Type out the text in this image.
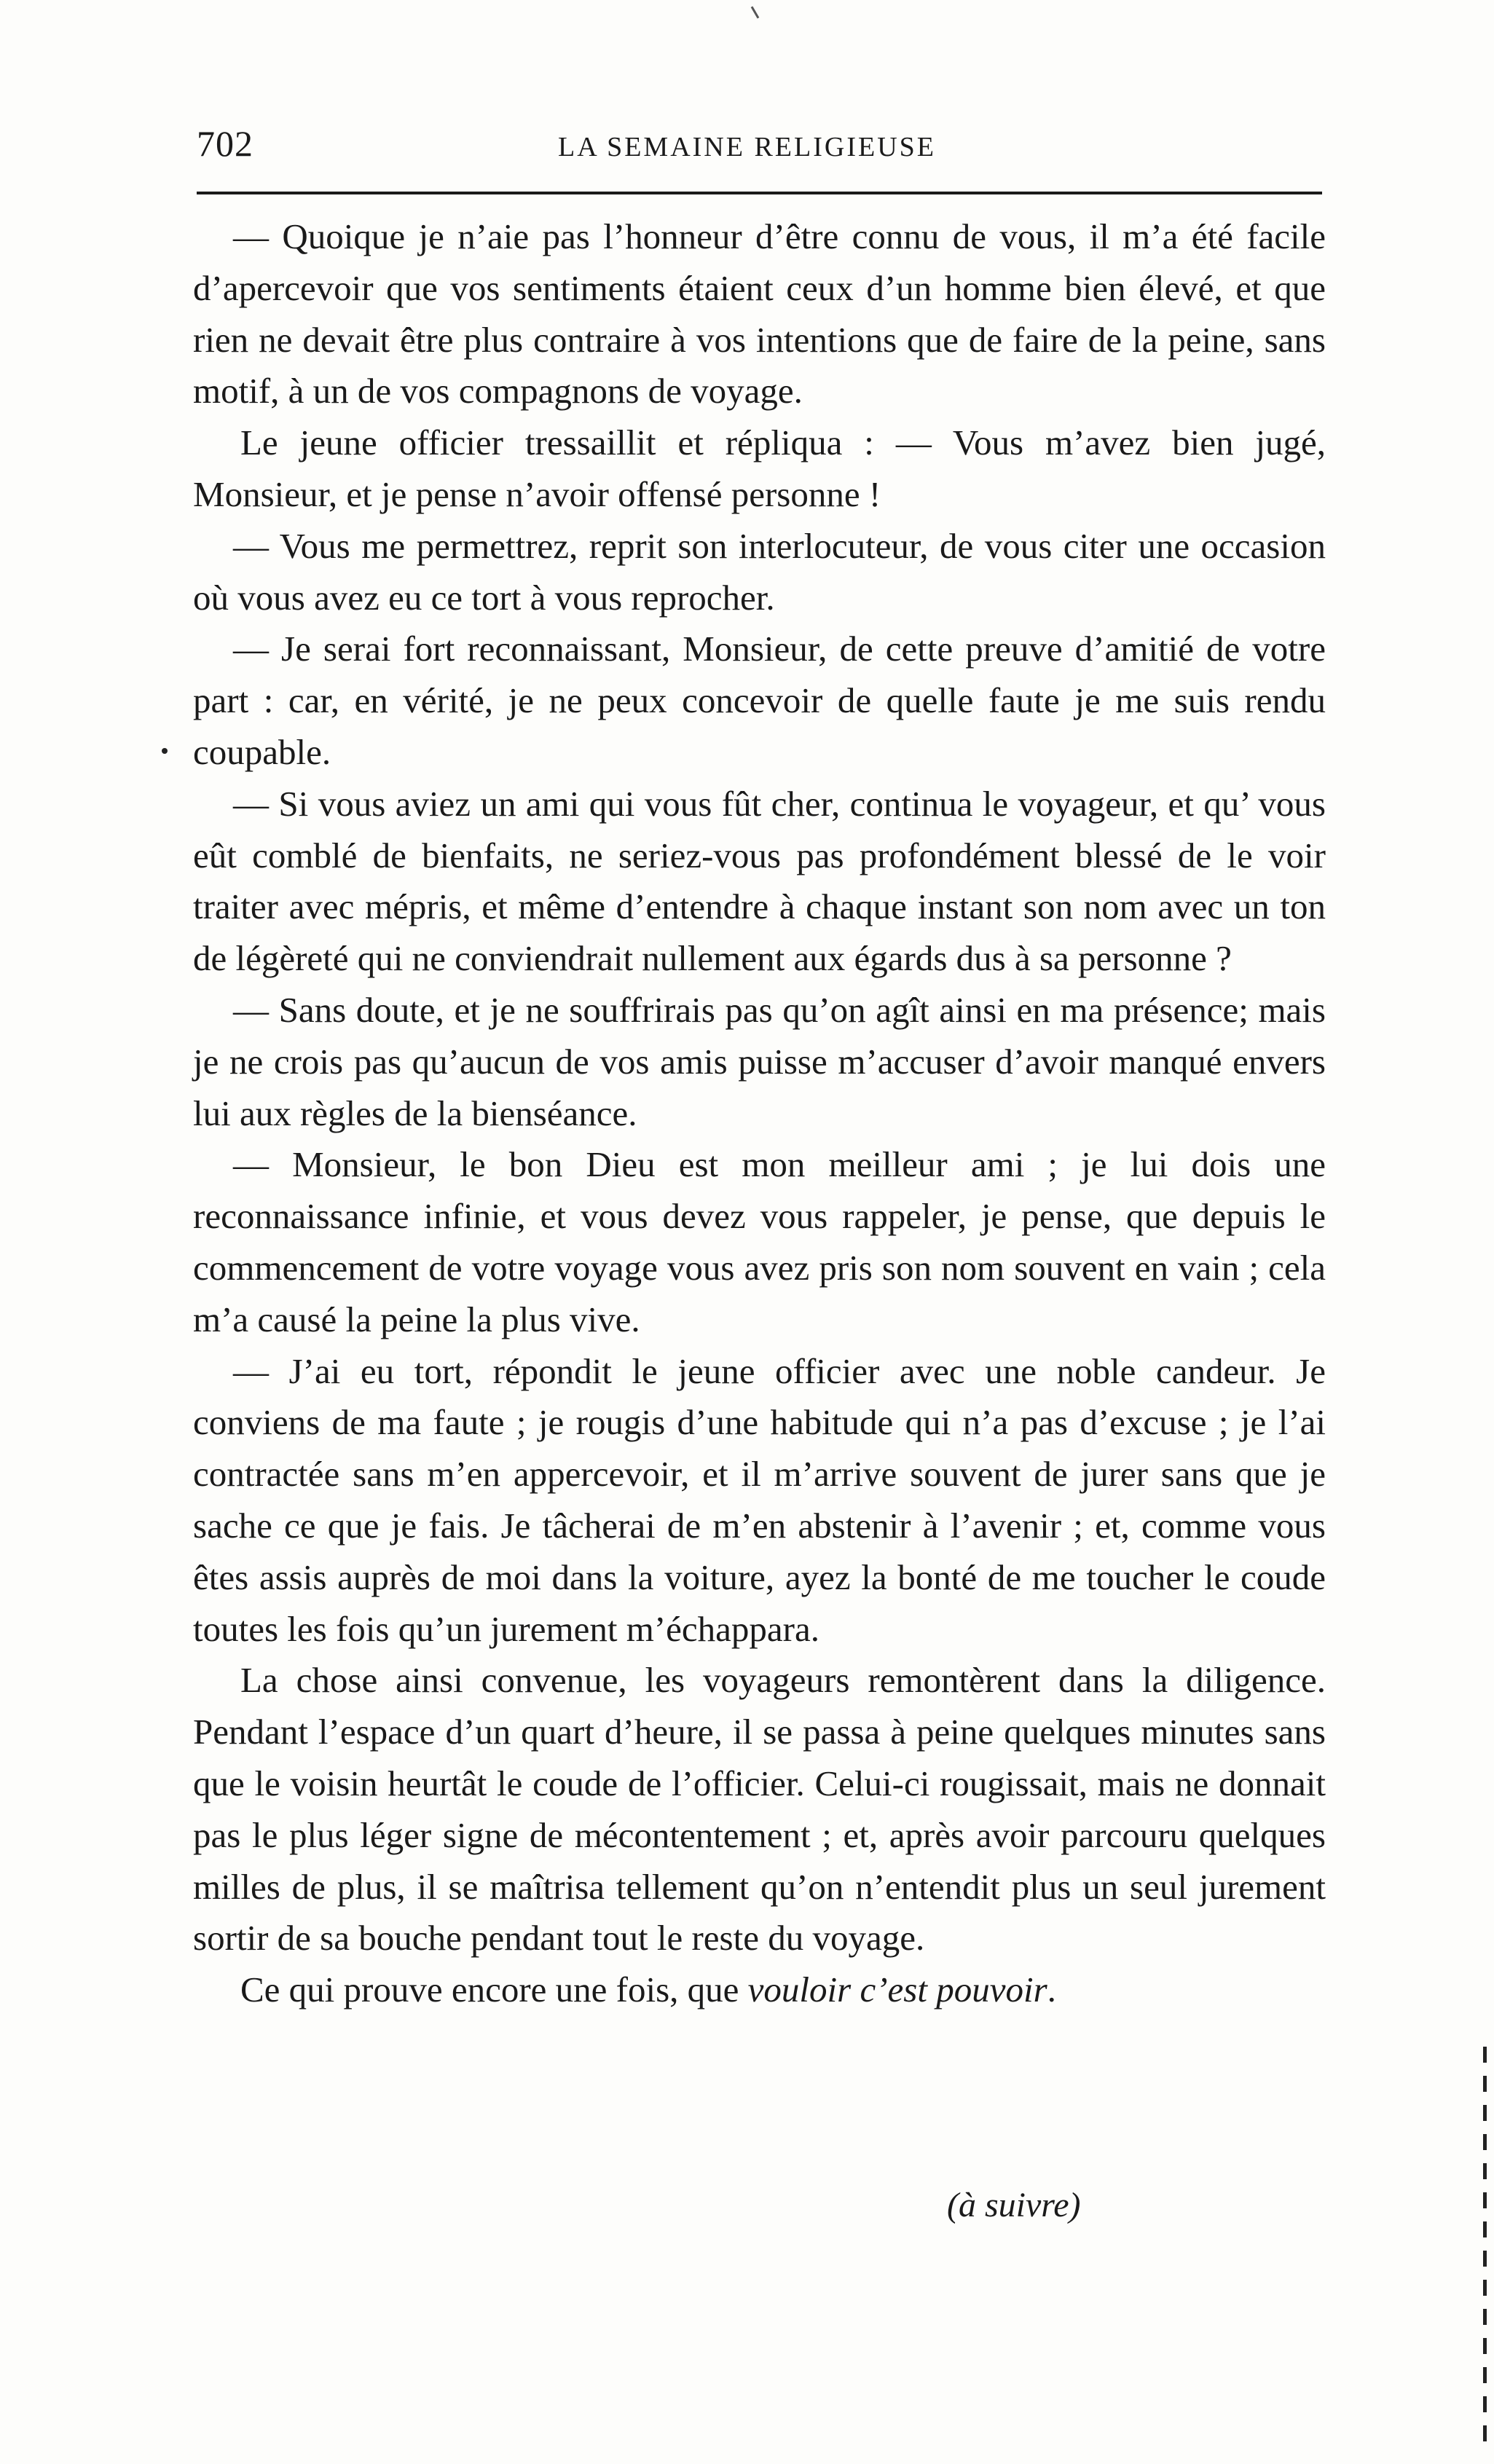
702	LA SEMAINE RELIGIEUSE

— Quoique je n’aie pas l’honneur d’être connu de vous, il m’a été facile d’apercevoir que vos sentiments étaient ceux d’un homme bien élevé, et que rien ne devait être plus contraire à vos intentions que de faire de la peine, sans motif, à un de vos compagnons de voyage.

Le jeune officier tressaillit et répliqua : — Vous m’avez bien jugé, Monsieur, et je pense n’avoir offensé personne !

— Vous me permettrez, reprit son interlocuteur, de vous citer une occasion où vous avez eu ce tort à vous reprocher.

— Je serai fort reconnaissant, Monsieur, de cette preuve d’amitié de votre part : car, en vérité, je ne peux concevoir de quelle faute je me suis rendu coupable.

— Si vous aviez un ami qui vous fût cher, continua le voyageur, et qu’ vous eût comblé de bienfaits, ne seriez-vous pas profondément blessé de le voir traiter avec mépris, et même d’entendre à chaque instant son nom avec un ton de légèreté qui ne conviendrait nullement aux égards dus à sa personne ?

— Sans doute, et je ne souffrirais pas qu’on agît ainsi en ma présence; mais je ne crois pas qu’aucun de vos amis puisse m’accuser d’avoir manqué envers lui aux règles de la bienséance.

— Monsieur, le bon Dieu est mon meilleur ami ; je lui dois une reconnaissance infinie, et vous devez vous rappeler, je pense, que depuis le commencement de votre voyage vous avez pris son nom souvent en vain ; cela m’a causé la peine la plus vive.

— J’ai eu tort, répondit le jeune officier avec une noble candeur. Je conviens de ma faute ; je rougis d’une habitude qui n’a pas d’excuse ; je l’ai contractée sans m’en appercevoir, et il m’arrive souvent de jurer sans que je sache ce que je fais. Je tâcherai de m’en abstenir à l’avenir ; et, comme vous êtes assis auprès de moi dans la voiture, ayez la bonté de me toucher le coude toutes les fois qu’un jurement m’échappara.

La chose ainsi convenue, les voyageurs remontèrent dans la diligence. Pendant l’espace d’un quart d’heure, il se passa à peine quelques minutes sans que le voisin heurtât le coude de l’officier. Celui-ci rougissait, mais ne donnait pas le plus léger signe de mécontentement ; et, après avoir parcouru quelques milles de plus, il se maîtrisa tellement qu’on n’entendit plus un seul jurement sortir de sa bouche pendant tout le reste du voyage.

Ce qui prouve encore une fois, que vouloir c’est pouvoir.

(à suivre)
